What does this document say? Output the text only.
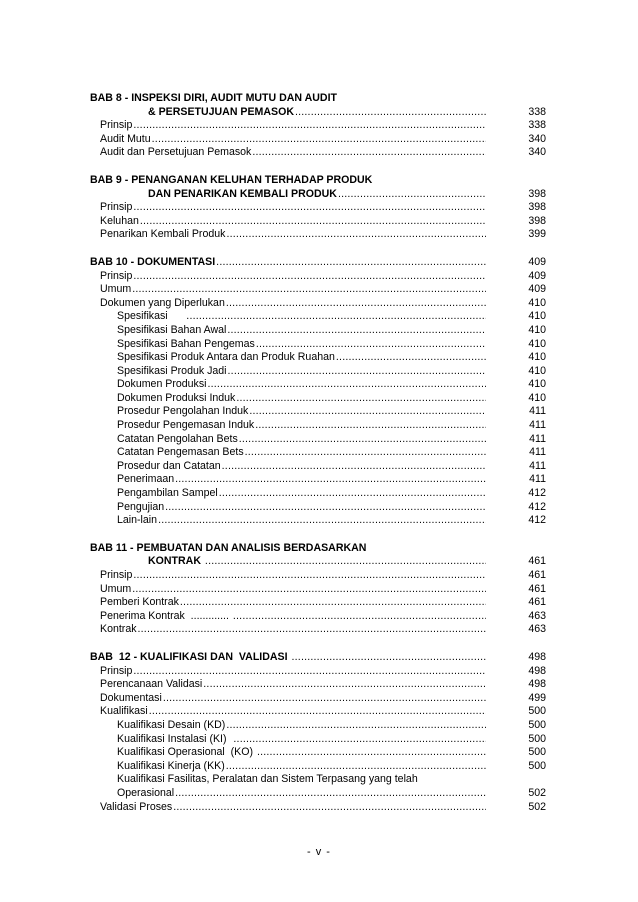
BAB 8 - INSPEKSI DIRI, AUDIT MUTU DAN AUDIT
& PERSETUJUAN PEMASOK .....	338
Prinsip .....	338
Audit Mutu .....	340
Audit dan Persetujuan Pemasok .....	340
BAB 9 - PENANGANAN KELUHAN TERHADAP PRODUK
DAN PENARIKAN KEMBALI PRODUK .....	398
Prinsip .....	398
Keluhan .....	398
Penarikan Kembali Produk .....	399
BAB 10 - DOKUMENTASI .....	409
Prinsip .....	409
Umum .....	409
Dokumen yang Diperlukan .....	410
Spesifikasi .....	410
Spesifikasi Bahan Awal .....	410
Spesifikasi Bahan Pengemas .....	410
Spesifikasi Produk Antara dan Produk Ruahan .....	410
Spesifikasi Produk Jadi .....	410
Dokumen Produksi .....	410
Dokumen Produksi Induk .....	410
Prosedur Pengolahan Induk .....	411
Prosedur Pengemasan Induk .....	411
Catatan Pengolahan Bets .....	411
Catatan Pengemasan Bets .....	411
Prosedur dan Catatan .....	411
Penerimaan .....	411
Pengambilan Sampel .....	412
Pengujian .....	412
Lain-lain .....	412
BAB 11 - PEMBUATAN DAN ANALISIS BERDASARKAN
KONTRAK .....	461
Prinsip .....	461
Umum .....	461
Pemberi Kontrak .....	461
Penerima Kontrak  ............. .....	463
Kontrak .....	463
BAB  12 - KUALIFIKASI DAN  VALIDASI .....	498
Prinsip .....	498
Perencanaan Validasi .....	498
Dokumentasi .....	499
Kualifikasi .....	500
Kualifikasi Desain (KD) .....	500
Kualifikasi Instalasi (KI) .....	500
Kualifikasi Operasional  (KO) .....	500
Kualifikasi Kinerja (KK) .....	500
Kualifikasi Fasilitas, Peralatan dan Sistem Terpasang yang telah
Operasional .....	502
Validasi Proses .....	502
- v -
